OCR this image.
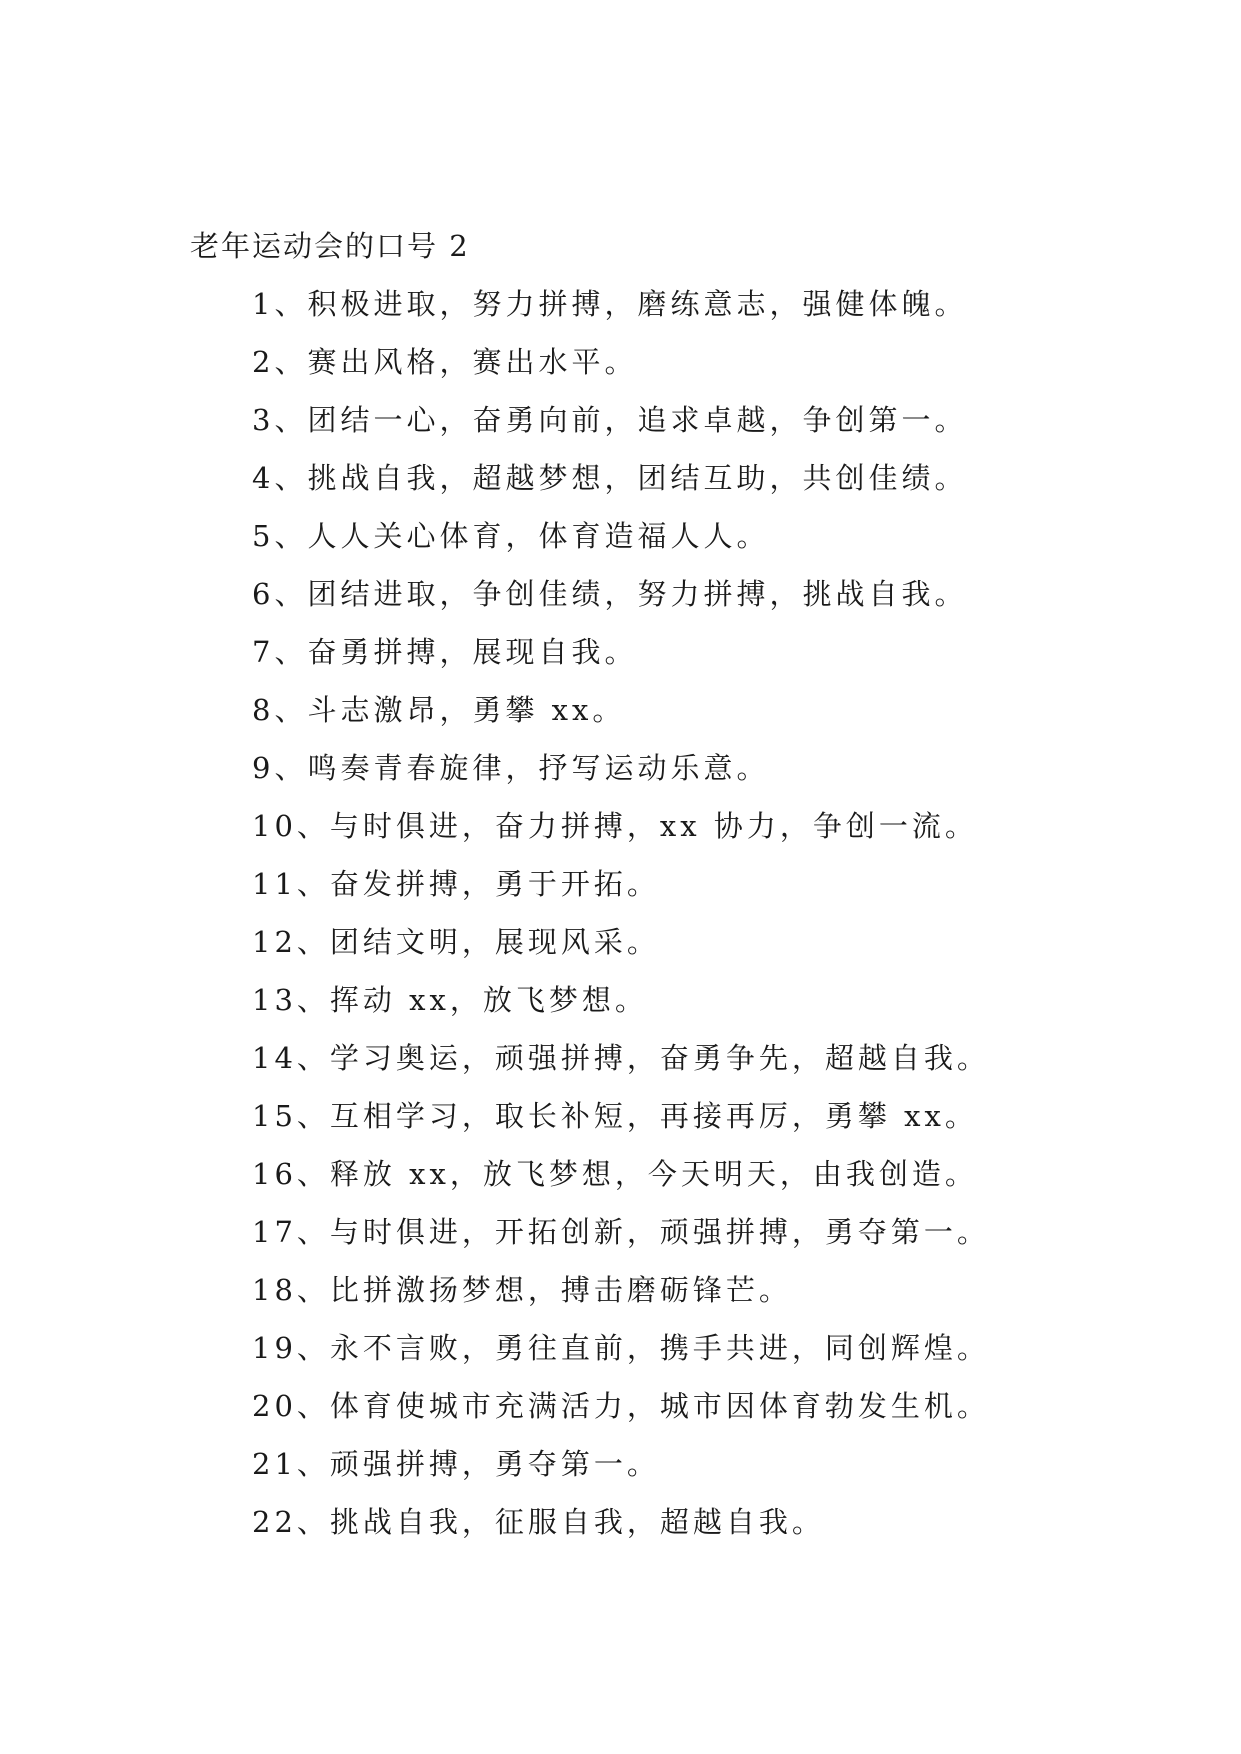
老年运动会的口号 2
1、积极进取，努力拼搏，磨练意志，强健体魄。
2、赛出风格，赛出水平。
3、团结一心，奋勇向前，追求卓越，争创第一。
4、挑战自我，超越梦想，团结互助，共创佳绩。
5、人人关心体育，体育造福人人。
6、团结进取，争创佳绩，努力拼搏，挑战自我。
7、奋勇拼搏，展现自我。
8、斗志激昂，勇攀 xx。
9、鸣奏青春旋律，抒写运动乐意。
10、与时俱进，奋力拼搏，xx 协力，争创一流。
11、奋发拼搏，勇于开拓。
12、团结文明，展现风采。
13、挥动 xx，放飞梦想。
14、学习奥运，顽强拼搏，奋勇争先，超越自我。
15、互相学习，取长补短，再接再厉，勇攀 xx。
16、释放 xx，放飞梦想，今天明天，由我创造。
17、与时俱进，开拓创新，顽强拼搏，勇夺第一。
18、比拼激扬梦想，搏击磨砺锋芒。
19、永不言败，勇往直前，携手共进，同创辉煌。
20、体育使城市充满活力，城市因体育勃发生机。
21、顽强拼搏，勇夺第一。
22、挑战自我，征服自我，超越自我。
